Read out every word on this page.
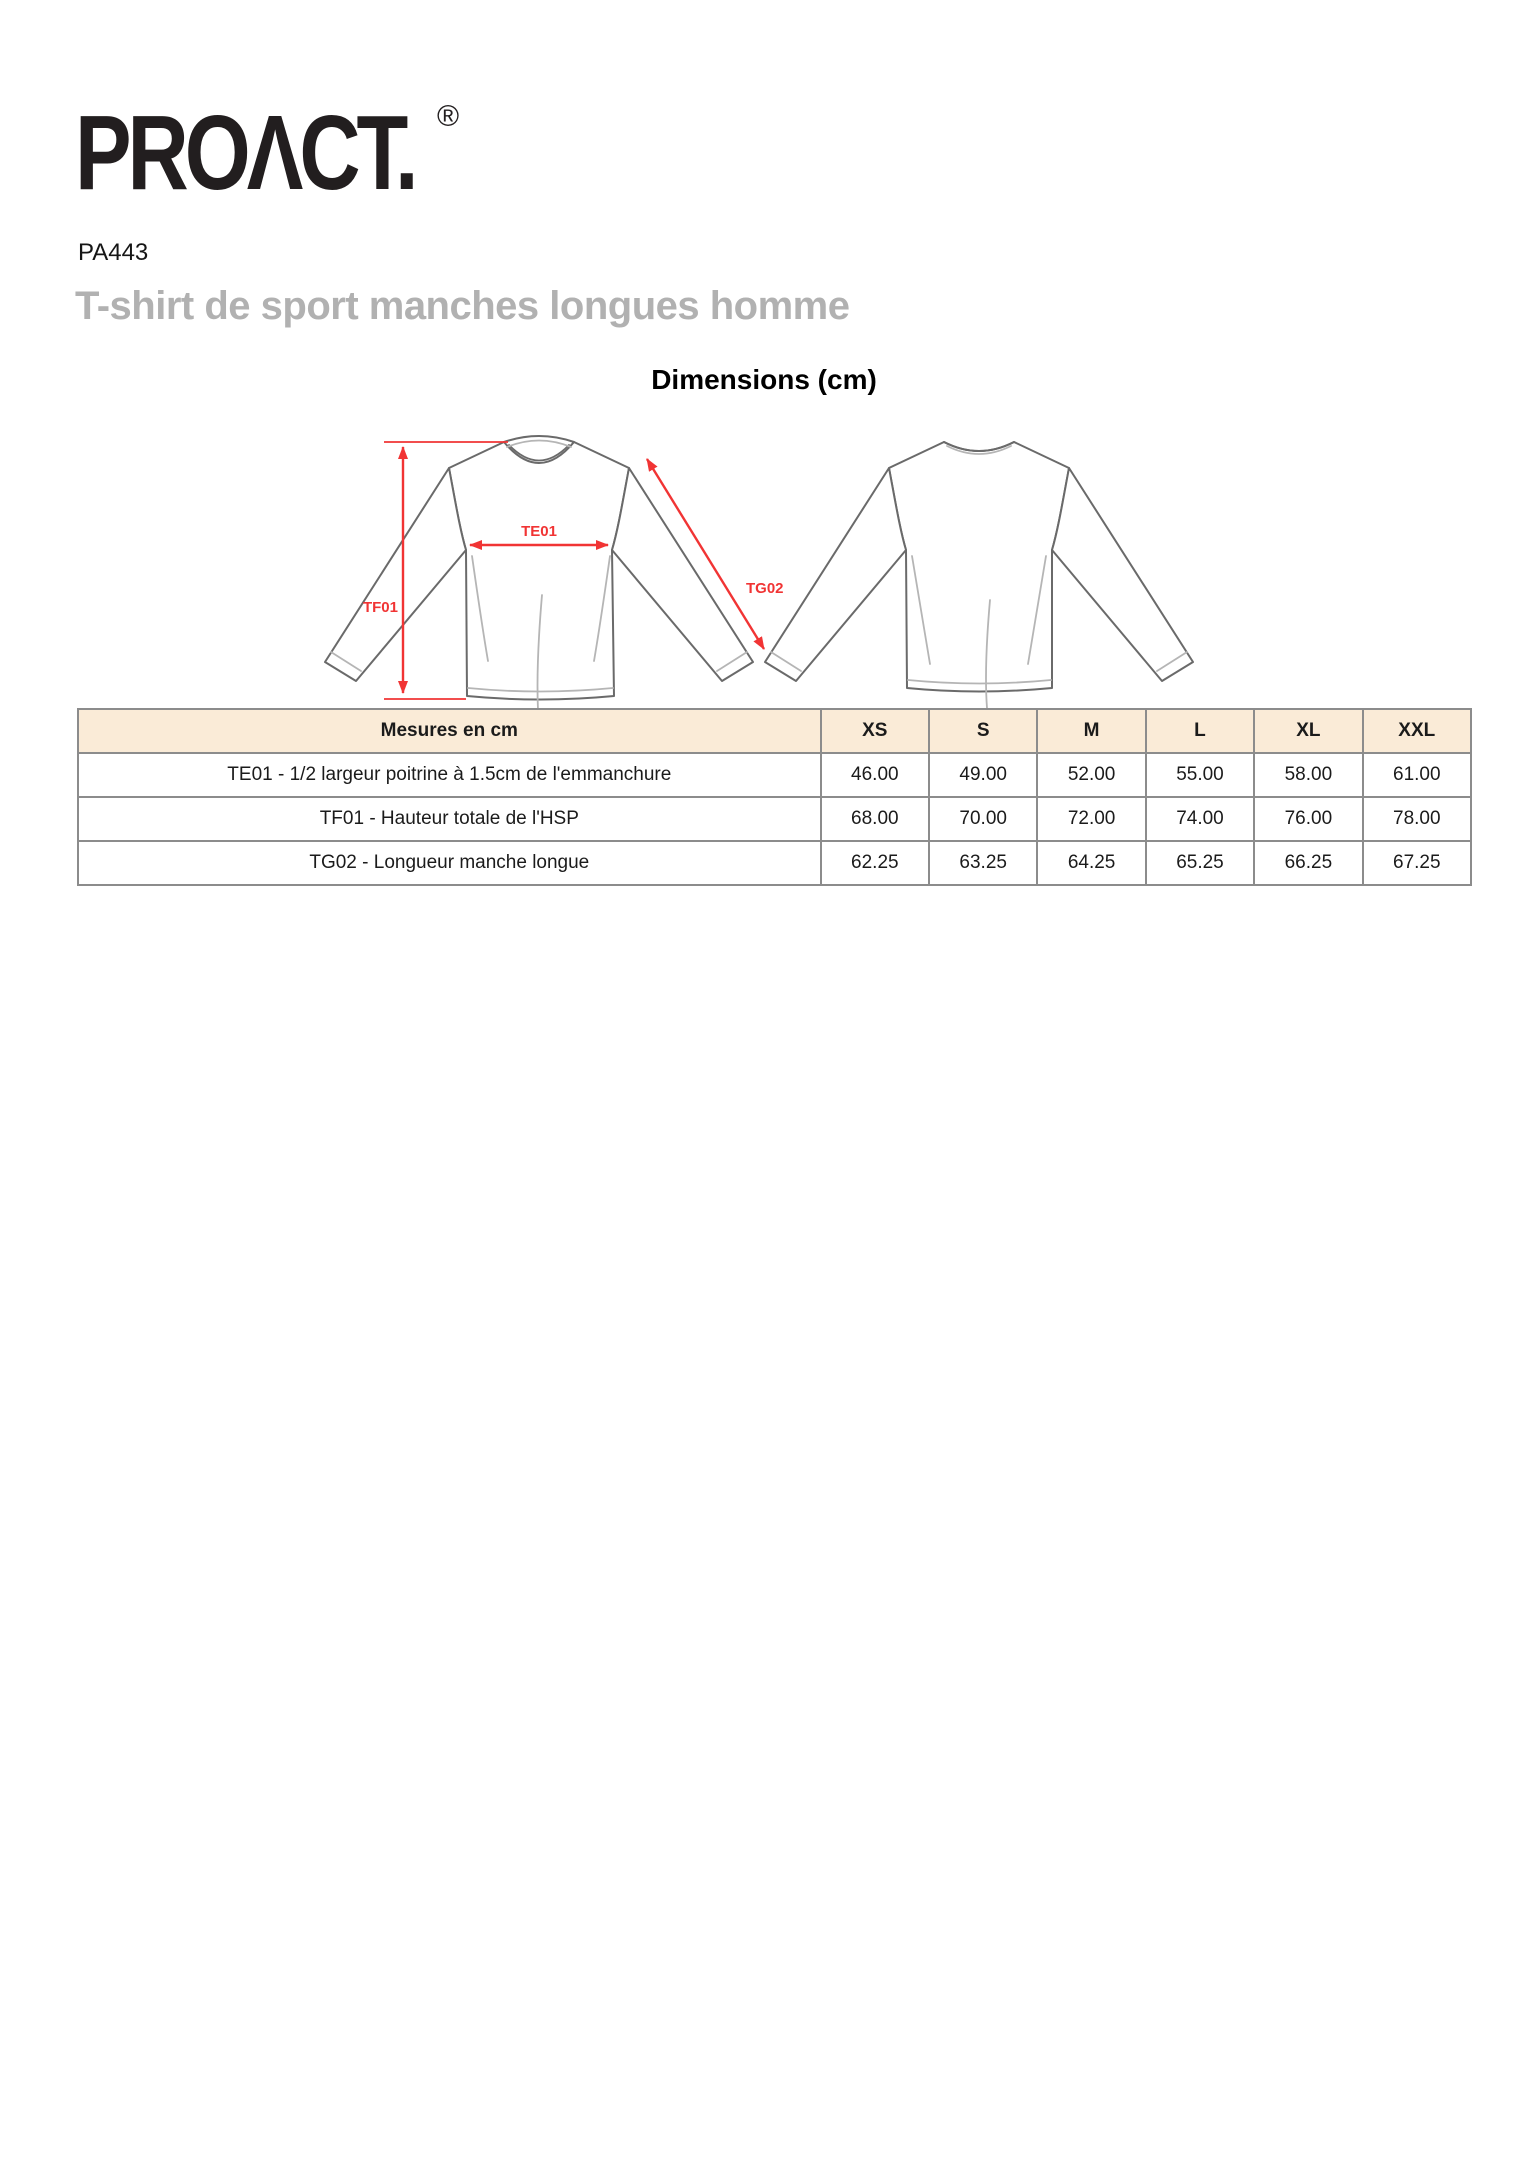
PROΛCT. ®
PA443
T-shirt de sport manches longues homme
Dimensions (cm)
TF01
TE01
TG02
Mesures en cm	XS	S	M	L	XL	XXL
TE01 - 1/2 largeur poitrine à 1.5cm de l'emmanchure	46.00	49.00	52.00	55.00	58.00	61.00
TF01 - Hauteur totale de l'HSP	68.00	70.00	72.00	74.00	76.00	78.00
TG02 - Longueur manche longue	62.25	63.25	64.25	65.25	66.25	67.25
